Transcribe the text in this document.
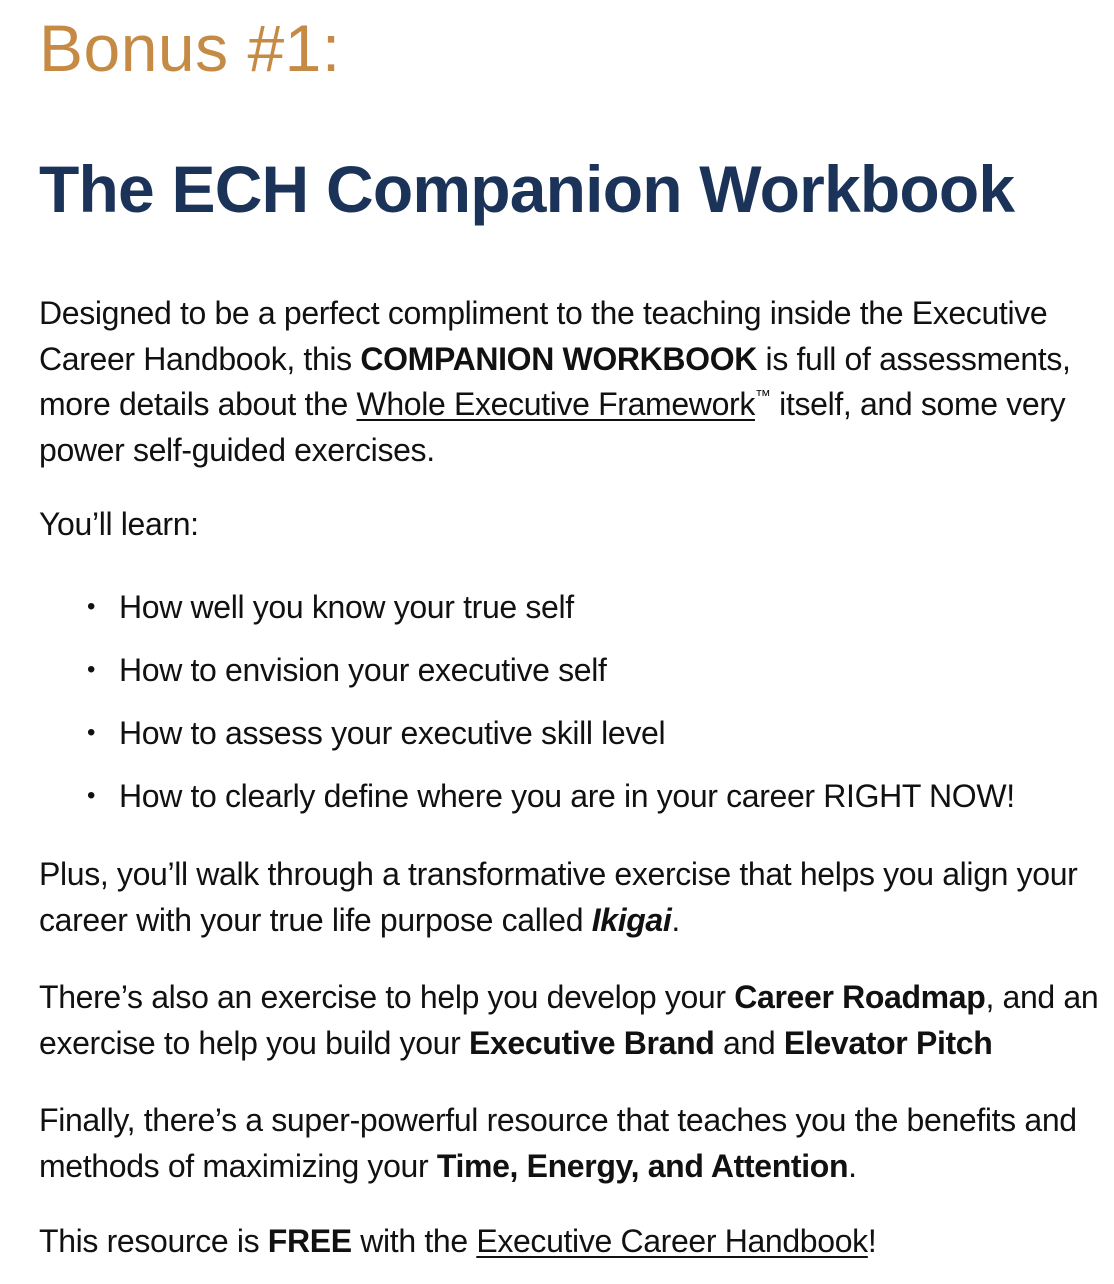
Bonus #1:
The ECH Companion Workbook

Designed to be a perfect compliment to the teaching inside the Executive Career Handbook, this COMPANION WORKBOOK is full of assessments, more details about the Whole Executive Framework™ itself, and some very power self-guided exercises.

You’ll learn:

• How well you know your true self
• How to envision your executive self
• How to assess your executive skill level
• How to clearly define where you are in your career RIGHT NOW!

Plus, you’ll walk through a transformative exercise that helps you align your career with your true life purpose called Ikigai.

There’s also an exercise to help you develop your Career Roadmap, and an exercise to help you build your Executive Brand and Elevator Pitch

Finally, there’s a super-powerful resource that teaches you the benefits and methods of maximizing your Time, Energy, and Attention.

This resource is FREE with the Executive Career Handbook!
